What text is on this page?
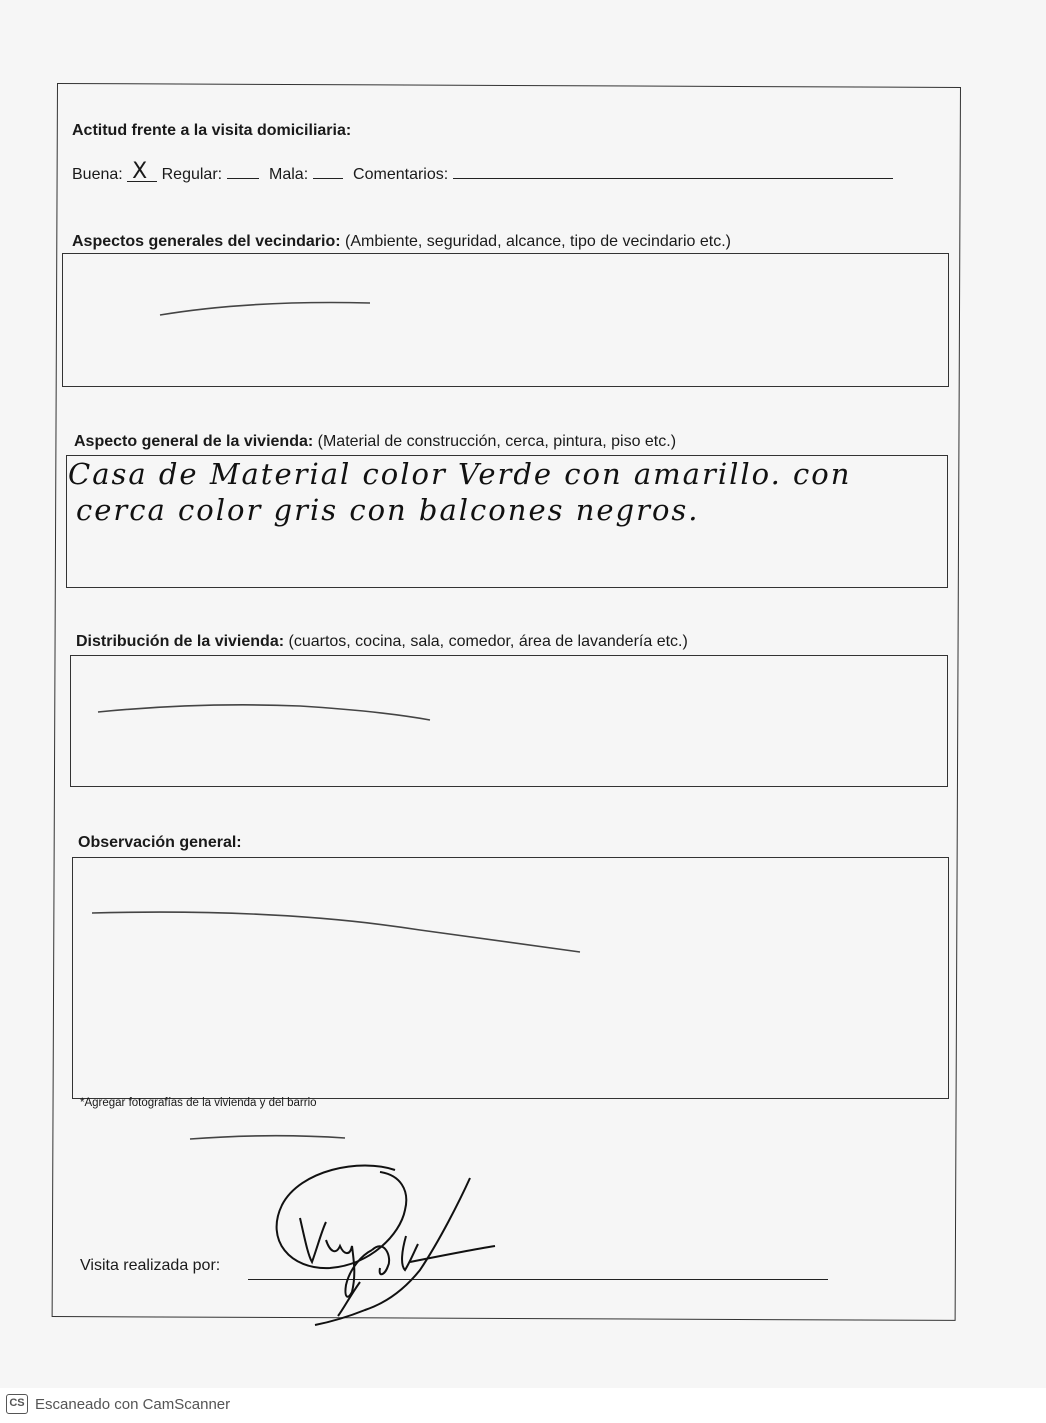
Actitud frente a la visita domiciliaria:
Buena: X Regular:	Mala:	Comentarios:
Aspectos generales del vecindario: (Ambiente, seguridad, alcance, tipo de vecindario etc.)
Aspecto general de la vivienda: (Material de construcción, cerca, pintura, piso etc.)
Casa de Material color Verde con amarillo. con
cerca color gris con balcones negros.
Distribución de la vivienda: (cuartos, cocina, sala, comedor, área de lavandería etc.)
Observación general:
*Agregar fotografías de la vivienda y del barrio
Visita realizada por:
CS Escaneado con CamScanner
